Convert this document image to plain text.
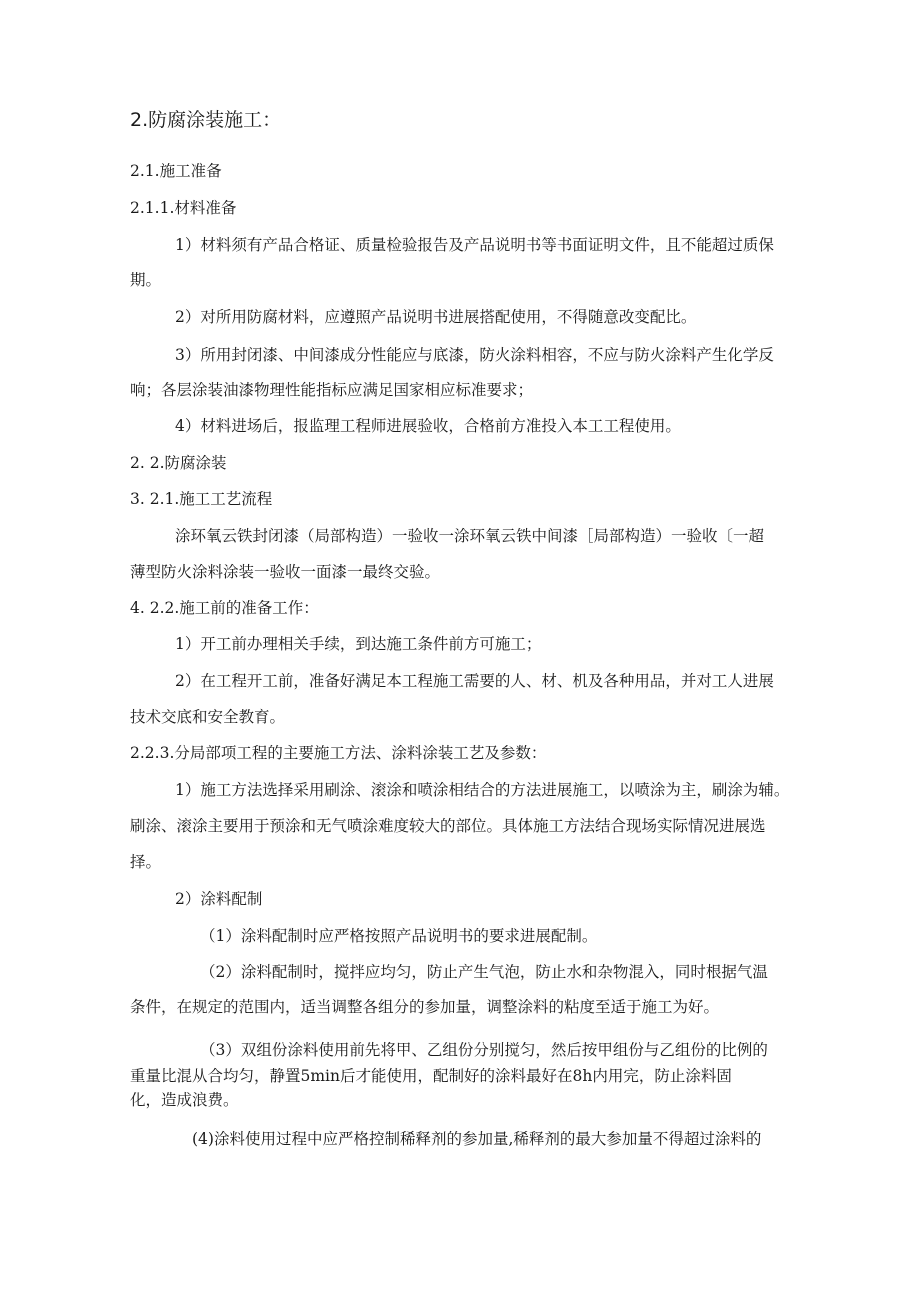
2.防腐涂装施工：
2.1.施工准备
2.1.1.材料准备
1）材料须有产品合格证、质量检验报告及产品说明书等书面证明文件，且不能超过质保
期。
2）对所用防腐材料，应遵照产品说明书进展搭配使用，不得随意改变配比。
3）所用封闭漆、中间漆成分性能应与底漆，防火涂料相容，不应与防火涂料产生化学反
响；各层涂装油漆物理性能指标应满足国家相应标准要求；
4）材料进场后，报监理工程师进展验收，合格前方准投入本工工程使用。
2. 2.防腐涂装
3. 2.1.施工工艺流程
涂环氧云铁封闭漆（局部构造）一验收一涂环氧云铁中间漆［局部构造）一验收〔一超
薄型防火涂料涂装一验收一面漆一最终交验。
4. 2.2.施工前的准备工作：
1）开工前办理相关手续，到达施工条件前方可施工；
2）在工程开工前，准备好满足本工程施工需要的人、材、机及各种用品，并对工人进展
技术交底和安全教育。
2.2.3.分局部项工程的主要施工方法、涂料涂装工艺及参数：
1）施工方法选择采用刷涂、滚涂和喷涂相结合的方法进展施工，以喷涂为主，刷涂为辅。
刷涂、滚涂主要用于预涂和无气喷涂难度较大的部位。具体施工方法结合现场实际情况进展选
择。
2）涂料配制
（1）涂料配制时应严格按照产品说明书的要求进展配制。
（2）涂料配制时，搅拌应均匀，防止产生气泡，防止水和杂物混入，同时根据气温
条件，在规定的范围内，适当调整各组分的参加量，调整涂料的粘度至适于施工为好。
（3）双组份涂料使用前先将甲、乙组份分别搅匀，然后按甲组份与乙组份的比例的
重量比混从合均匀，静置5min后才能使用，配制好的涂料最好在8h内用完，防止涂料固
化，造成浪费。
(4)涂料使用过程中应严格控制稀释剂的参加量,稀释剂的最大参加量不得超过涂料的
